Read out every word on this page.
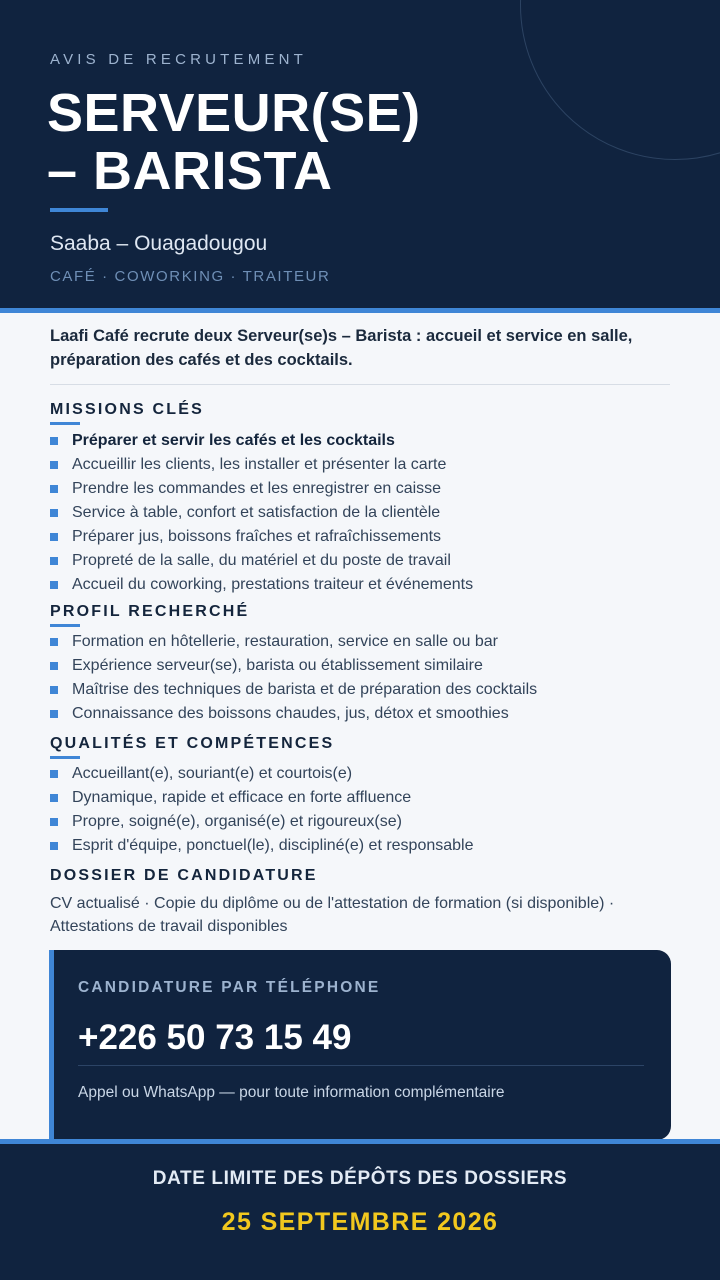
AVIS DE RECRUTEMENT
SERVEUR(SE)
– BARISTA
Saaba – Ouagadougou
CAFÉ · COWORKING · TRAITEUR

Laafi Café recrute deux Serveur(se)s – Barista : accueil et service en salle, préparation des cafés et des cocktails.

MISSIONS CLÉS
Préparer et servir les cafés et les cocktails
Accueillir les clients, les installer et présenter la carte
Prendre les commandes et les enregistrer en caisse
Service à table, confort et satisfaction de la clientèle
Préparer jus, boissons fraîches et rafraîchissements
Propreté de la salle, du matériel et du poste de travail
Accueil du coworking, prestations traiteur et événements
PROFIL RECHERCHÉ
Formation en hôtellerie, restauration, service en salle ou bar
Expérience serveur(se), barista ou établissement similaire
Maîtrise des techniques de barista et de préparation des cocktails
Connaissance des boissons chaudes, jus, détox et smoothies
QUALITÉS ET COMPÉTENCES
Accueillant(e), souriant(e) et courtois(e)
Dynamique, rapide et efficace en forte affluence
Propre, soigné(e), organisé(e) et rigoureux(se)
Esprit d'équipe, ponctuel(le), discipliné(e) et responsable
DOSSIER DE CANDIDATURE

CV actualisé · Copie du diplôme ou de l'attestation de formation (si disponible) · Attestations de travail disponibles

CANDIDATURE PAR TÉLÉPHONE
+226 50 73 15 49
Appel ou WhatsApp — pour toute information complémentaire
DATE LIMITE DES DÉPÔTS DES DOSSIERS
25 SEPTEMBRE 2026
